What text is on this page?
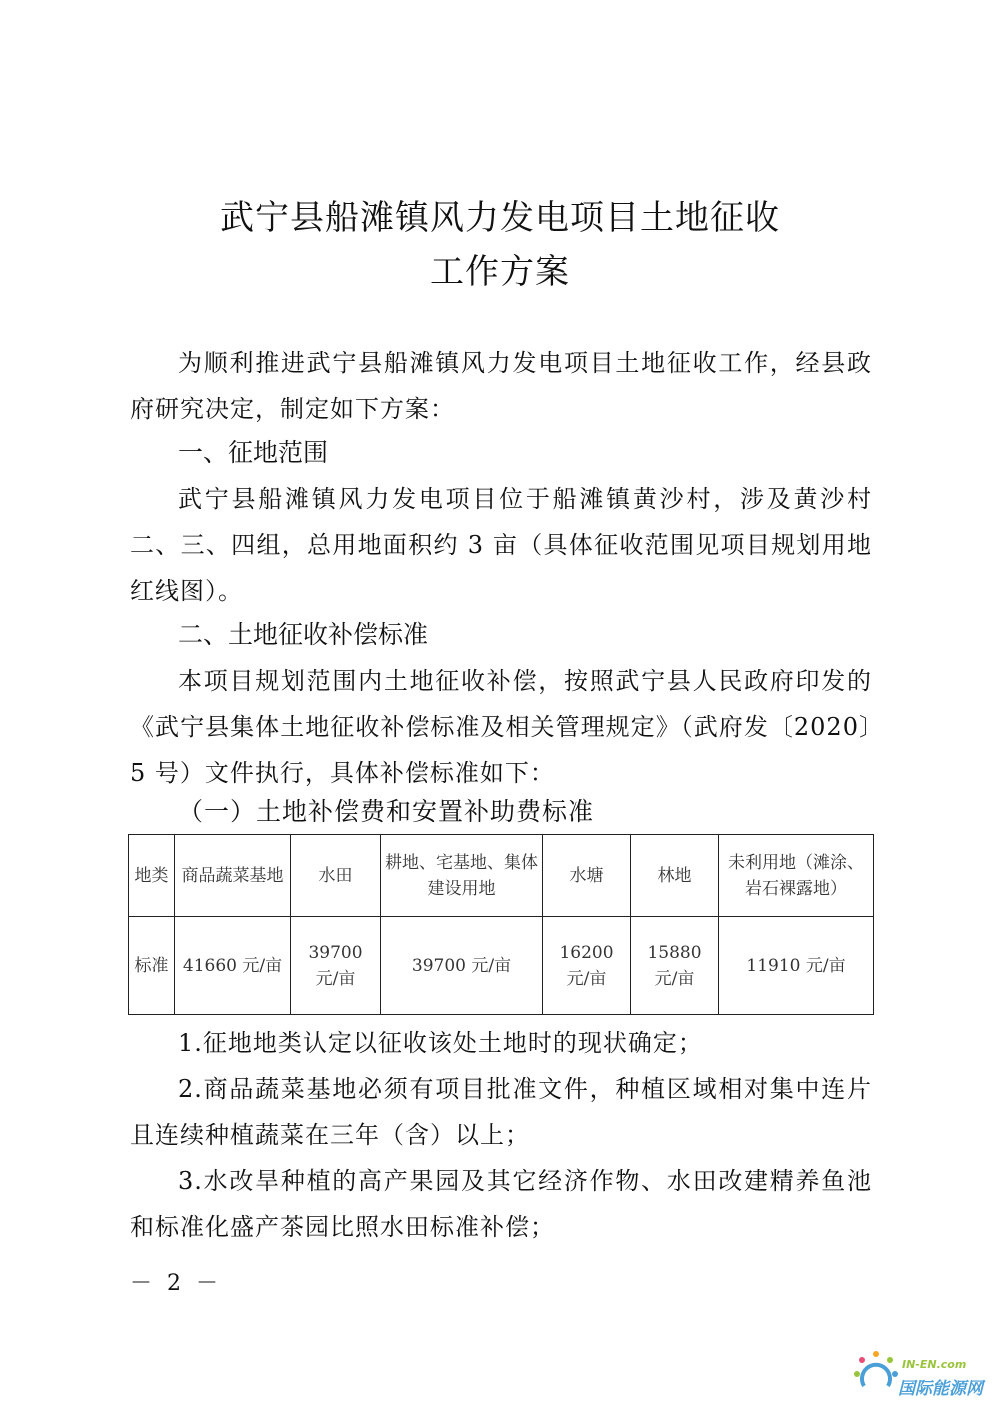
武宁县船滩镇风力发电项目土地征收
工作方案
为顺利推进武宁县船滩镇风力发电项目土地征收工作，经县政府研究决定，制定如下方案：
一、征地范围
武宁县船滩镇风力发电项目位于船滩镇黄沙村，涉及黄沙村二、三、四组，总用地面积约 3 亩（具体征收范围见项目规划用地红线图）。
二、土地征收补偿标准
本项目规划范围内土地征收补偿，按照武宁县人民政府印发的《武宁县集体土地征收补偿标准及相关管理规定》（武府发〔2020〕5 号）文件执行，具体补偿标准如下：
（一）土地补偿费和安置补助费标准
地类	商品蔬菜基地	水田	耕地、宅基地、集体建设用地	水塘	林地	未利用地（滩涂、岩石裸露地）
标准	41660 元/亩	39700 元/亩	39700 元/亩	16200 元/亩	15880 元/亩	11910 元/亩
1.征地地类认定以征收该处土地时的现状确定；
2.商品蔬菜基地必须有项目批准文件，种植区域相对集中连片且连续种植蔬菜在三年（含）以上；
3.水改旱种植的高产果园及其它经济作物、水田改建精养鱼池和标准化盛产茶园比照水田标准补偿；
－ 2 －
IN-EN.com
国际能源网
